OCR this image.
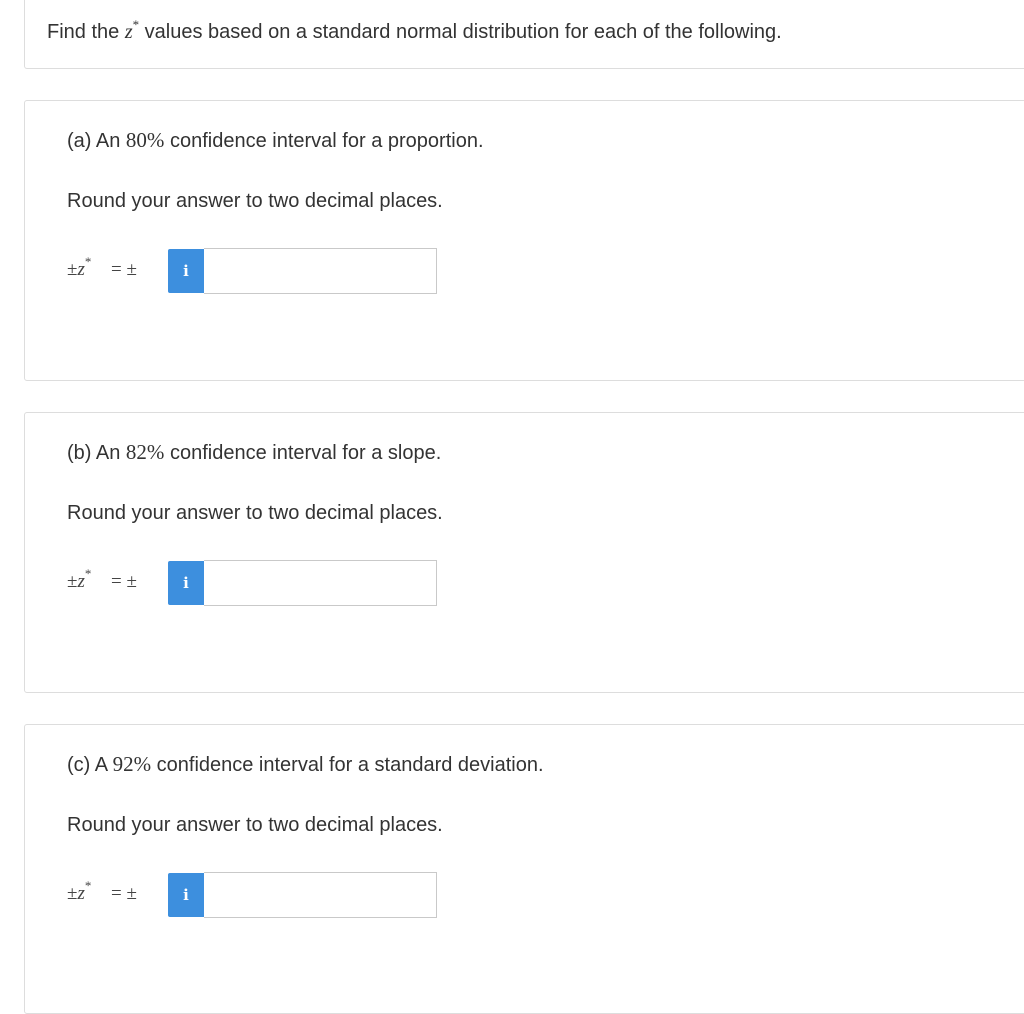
Find the z* values based on a standard normal distribution for each of the following.
(a) An 80% confidence interval for a proportion.
Round your answer to two decimal places.
±z* = ±	i
(b) An 82% confidence interval for a slope.
Round your answer to two decimal places.
±z* = ±	i
(c) A 92% confidence interval for a standard deviation.
Round your answer to two decimal places.
±z* = ±	i
